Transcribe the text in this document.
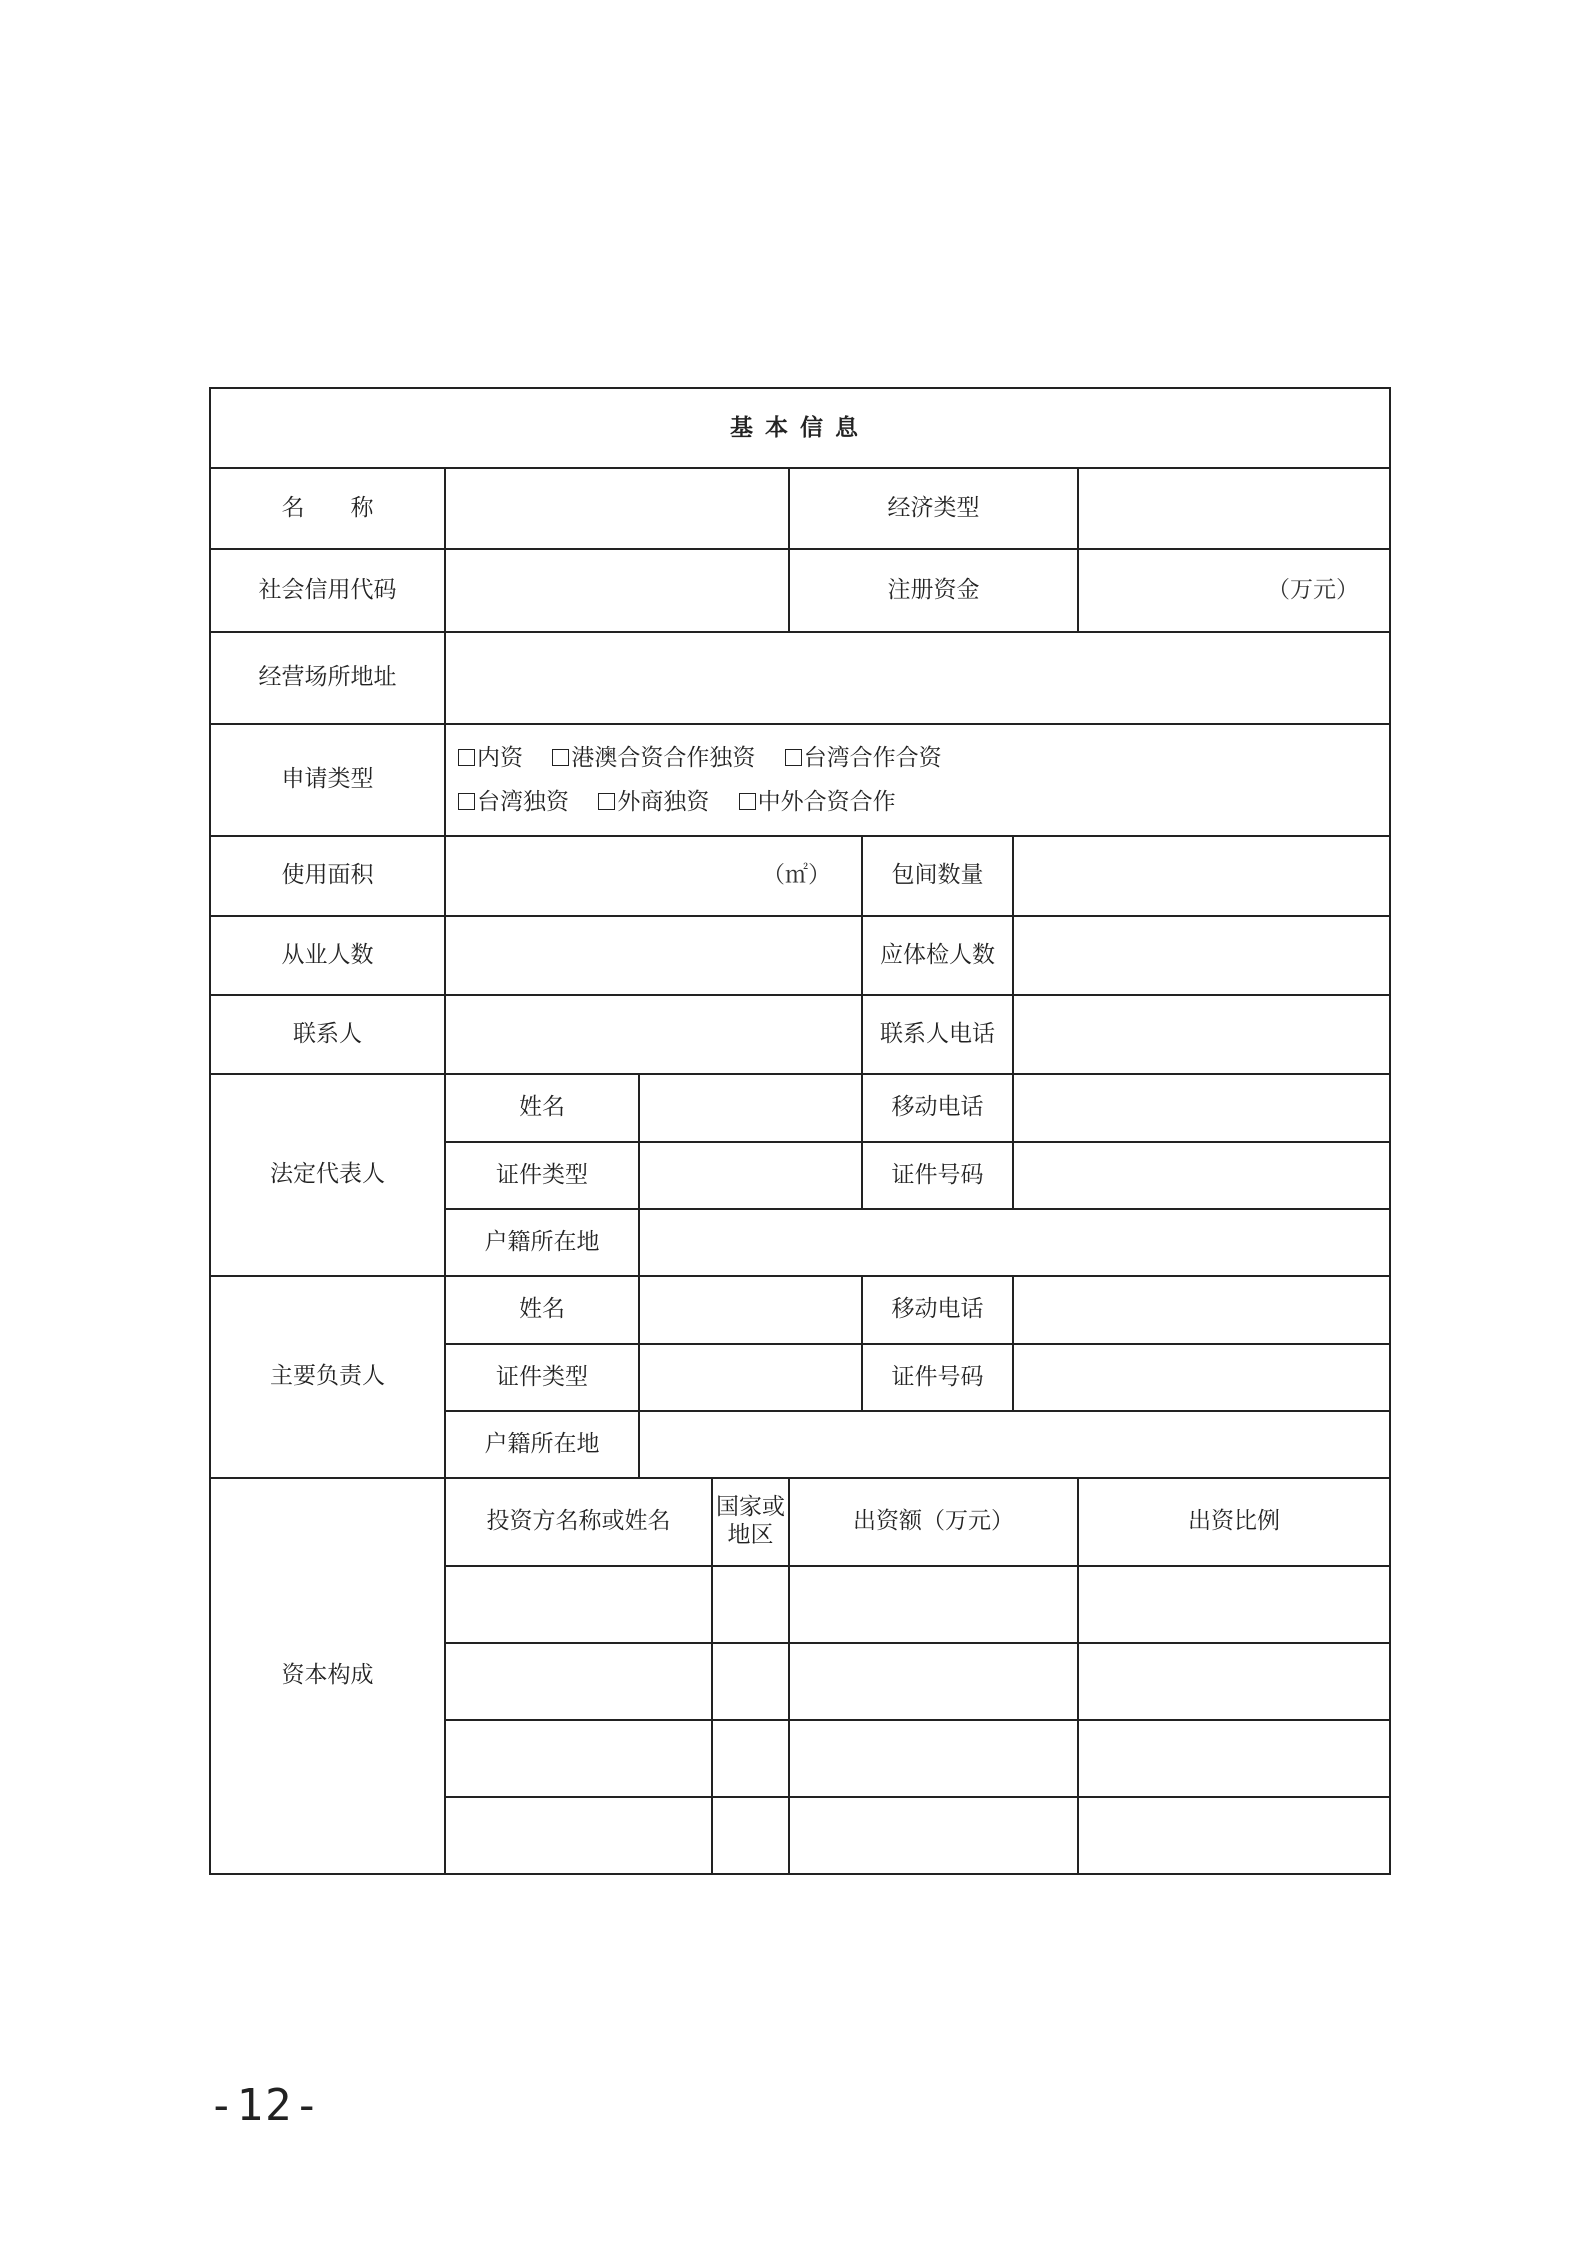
基本信息							
名称				经济类型			
社会信用代码				注册资金			（万元）
经营场所地址							
申请类型	内资 港澳合资合作独资 台湾合作合资
台湾独资 外商独资 中外合资合作						

使用面积	（㎡）				包间数量		
从业人数					应体检人数		
联系人					联系人电话		
法定代表人	姓名				移动电话		
	证件类型				证件号码		
	户籍所在地						
主要负责人	姓名				移动电话		
	证件类型				证件号码		
	户籍所在地						
资本构成	投资方名称或姓名		国家或地区	出资额（万元）			出资比例

-12-
